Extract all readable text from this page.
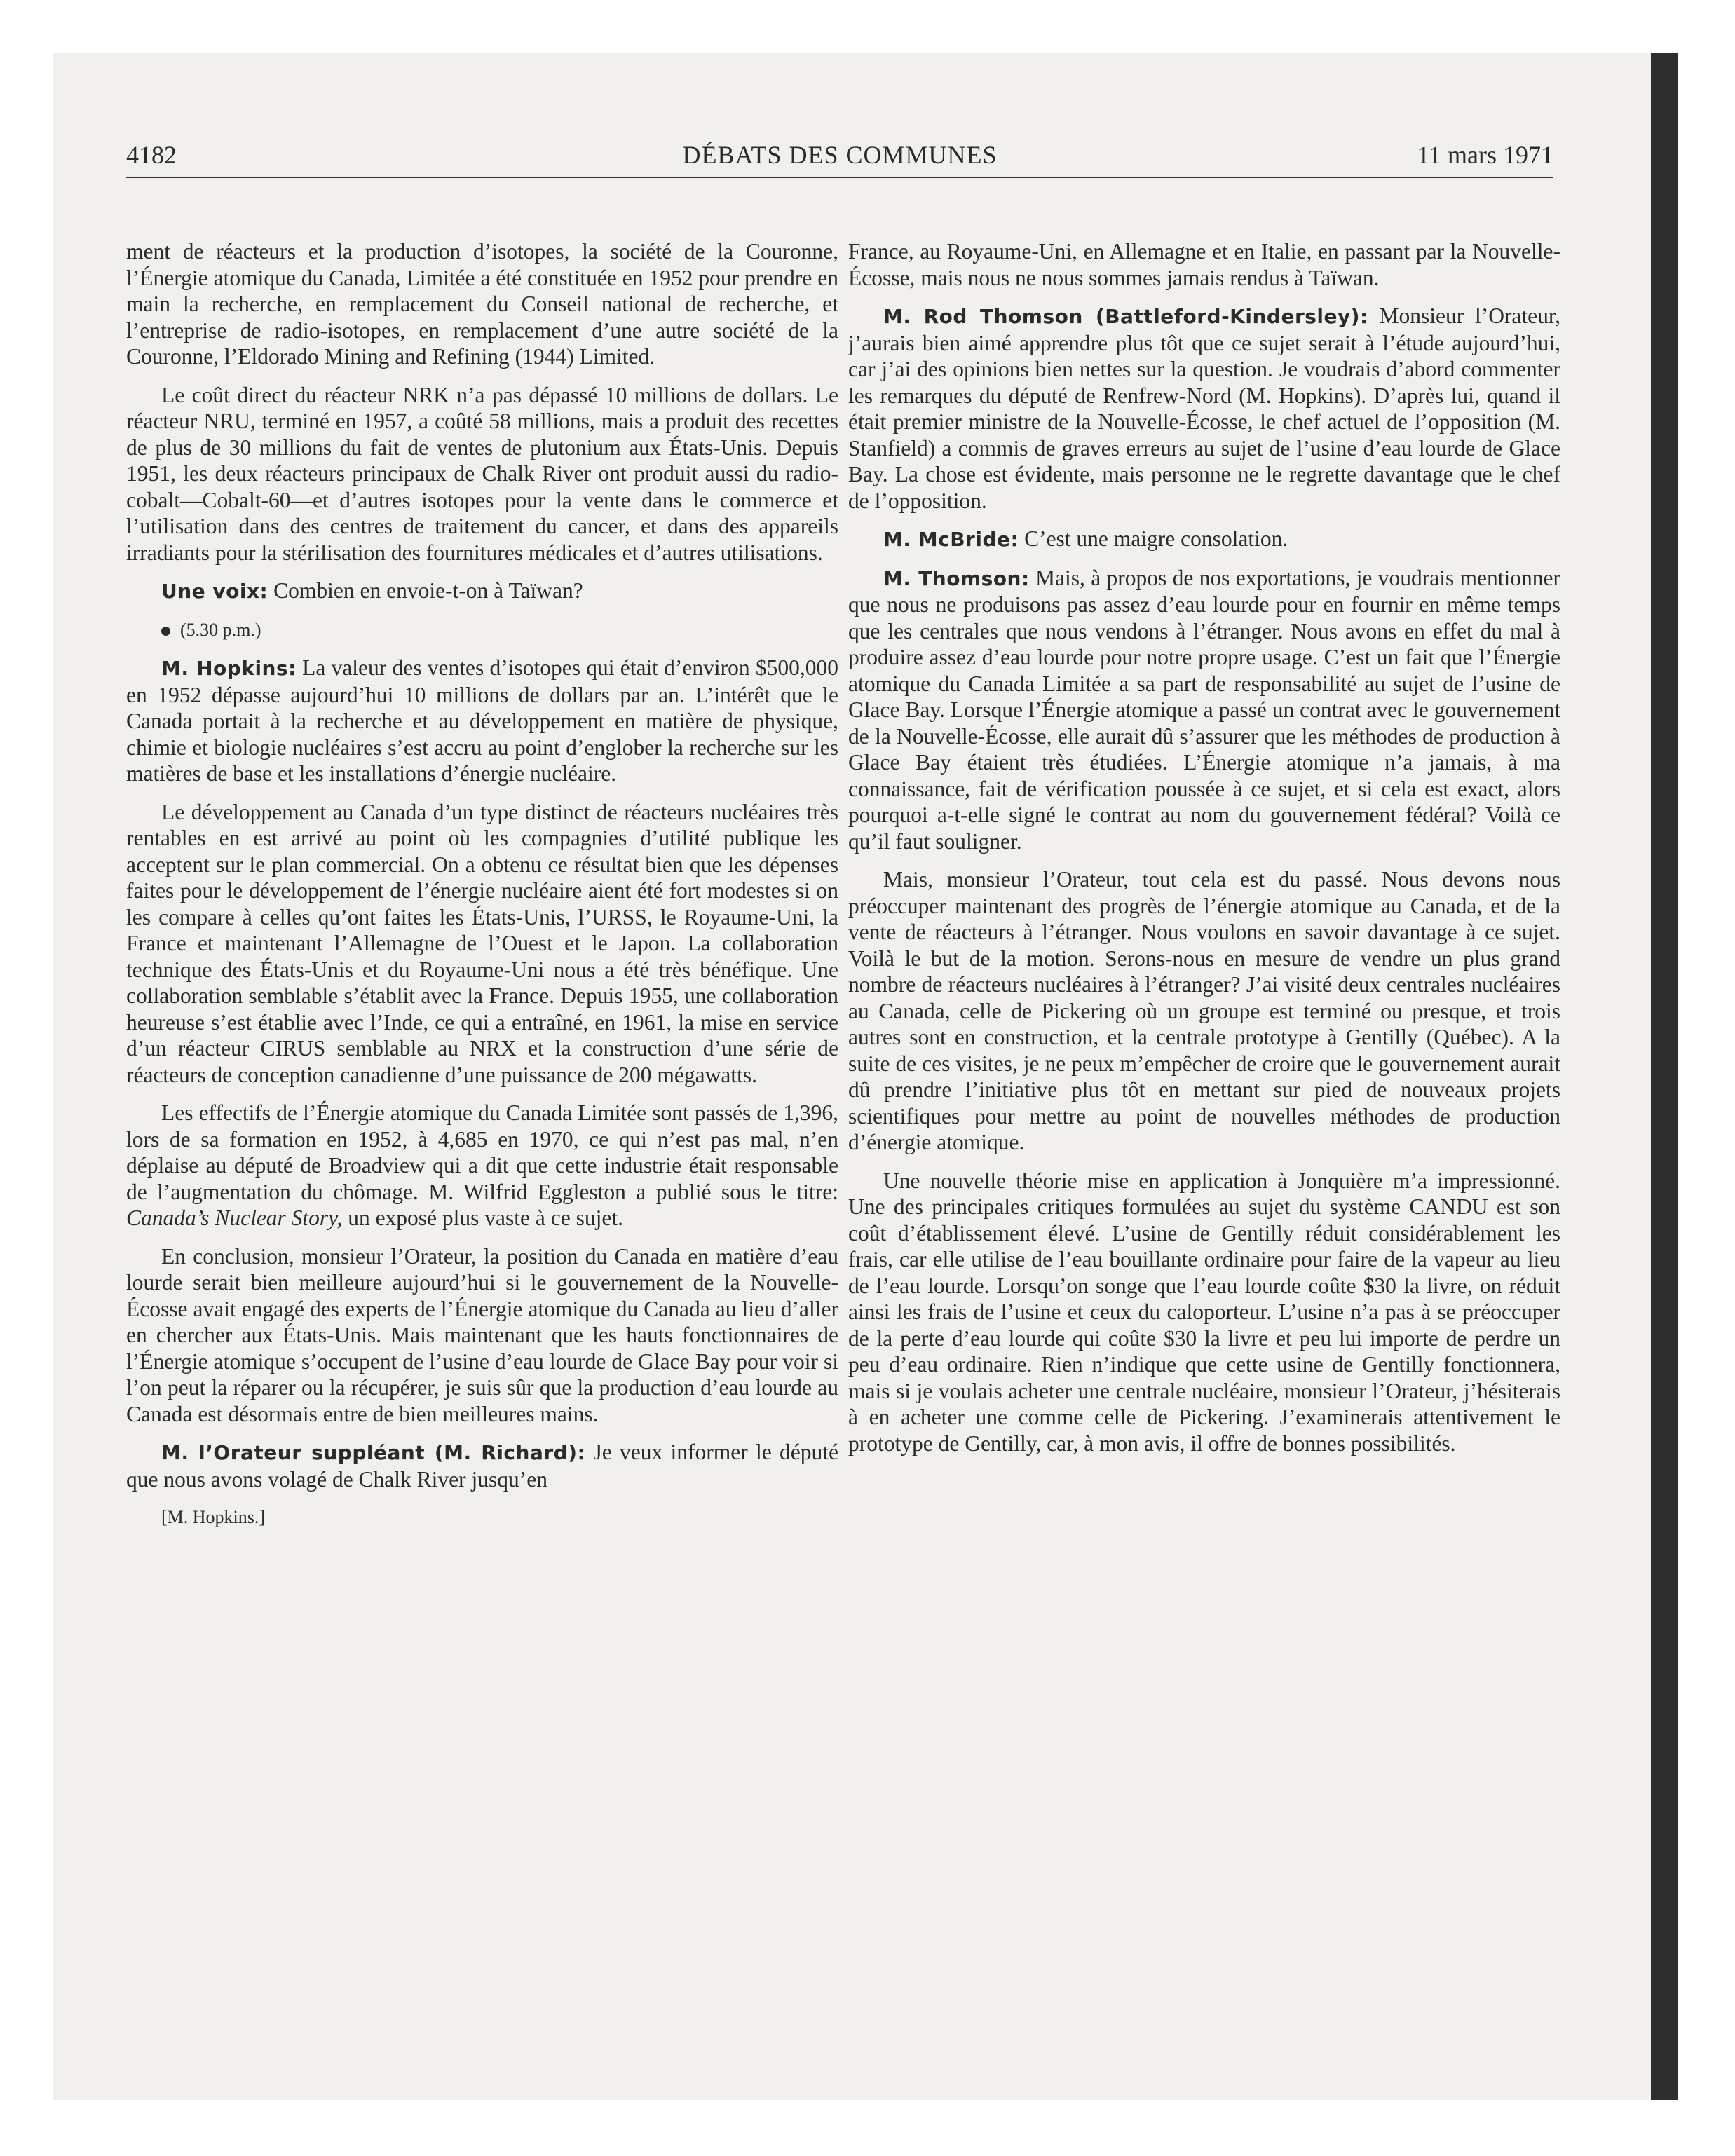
4182	DÉBATS DES COMMUNES	11 mars 1971

ment de réacteurs et la production d’isotopes, la société de la Couronne, l’Énergie atomique du Canada, Limitée a été constituée en 1952 pour prendre en main la recherche, en remplacement du Conseil national de recherche, et l’entreprise de radio-isotopes, en remplacement d’une autre société de la Couronne, l’Eldorado Mining and Refining (1944) Limited.

Le coût direct du réacteur NRK n’a pas dépassé 10 millions de dollars. Le réacteur NRU, terminé en 1957, a coûté 58 millions, mais a produit des recettes de plus de 30 millions du fait de ventes de plutonium aux États-Unis. Depuis 1951, les deux réacteurs principaux de Chalk River ont produit aussi du radio-cobalt—Cobalt-60—et d’autres isotopes pour la vente dans le commerce et l’utilisation dans des centres de traitement du cancer, et dans des appareils irradiants pour la stérilisation des fournitures médicales et d’autres utilisations.

Une voix: Combien en envoie-t-on à Taïwan?

(5.30 p.m.)

M. Hopkins: La valeur des ventes d’isotopes qui était d’environ $500,000 en 1952 dépasse aujourd’hui 10 millions de dollars par an. L’intérêt que le Canada portait à la recherche et au développement en matière de physique, chimie et biologie nucléaires s’est accru au point d’englober la recherche sur les matières de base et les installations d’énergie nucléaire.

Le développement au Canada d’un type distinct de réacteurs nucléaires très rentables en est arrivé au point où les compagnies d’utilité publique les acceptent sur le plan commercial. On a obtenu ce résultat bien que les dépenses faites pour le développement de l’énergie nucléaire aient été fort modestes si on les compare à celles qu’ont faites les États-Unis, l’URSS, le Royaume-Uni, la France et maintenant l’Allemagne de l’Ouest et le Japon. La collaboration technique des États-Unis et du Royaume-Uni nous a été très bénéfique. Une collaboration semblable s’établit avec la France. Depuis 1955, une collaboration heureuse s’est établie avec l’Inde, ce qui a entraîné, en 1961, la mise en service d’un réacteur CIRUS semblable au NRX et la construction d’une série de réacteurs de conception canadienne d’une puissance de 200 mégawatts.

Les effectifs de l’Énergie atomique du Canada Limitée sont passés de 1,396, lors de sa formation en 1952, à 4,685 en 1970, ce qui n’est pas mal, n’en déplaise au député de Broadview qui a dit que cette industrie était responsable de l’augmentation du chômage. M. Wilfrid Eggleston a publié sous le titre: Canada’s Nuclear Story, un exposé plus vaste à ce sujet.

En conclusion, monsieur l’Orateur, la position du Canada en matière d’eau lourde serait bien meilleure aujourd’hui si le gouvernement de la Nouvelle-Écosse avait engagé des experts de l’Énergie atomique du Canada au lieu d’aller en chercher aux États-Unis. Mais maintenant que les hauts fonctionnaires de l’Énergie atomique s’occupent de l’usine d’eau lourde de Glace Bay pour voir si l’on peut la réparer ou la récupérer, je suis sûr que la production d’eau lourde au Canada est désormais entre de bien meilleures mains.

M. l’Orateur suppléant (M. Richard): Je veux informer le député que nous avons volagé de Chalk River jusqu’en

[M. Hopkins.]

France, au Royaume-Uni, en Allemagne et en Italie, en passant par la Nouvelle-Écosse, mais nous ne nous sommes jamais rendus à Taïwan.

M. Rod Thomson (Battleford-Kindersley): Monsieur l’Orateur, j’aurais bien aimé apprendre plus tôt que ce sujet serait à l’étude aujourd’hui, car j’ai des opinions bien nettes sur la question. Je voudrais d’abord commenter les remarques du député de Renfrew-Nord (M. Hopkins). D’après lui, quand il était premier ministre de la Nouvelle-Écosse, le chef actuel de l’opposition (M. Stanfield) a commis de graves erreurs au sujet de l’usine d’eau lourde de Glace Bay. La chose est évidente, mais personne ne le regrette davantage que le chef de l’opposition.

M. McBride: C’est une maigre consolation.

M. Thomson: Mais, à propos de nos exportations, je voudrais mentionner que nous ne produisons pas assez d’eau lourde pour en fournir en même temps que les centrales que nous vendons à l’étranger. Nous avons en effet du mal à produire assez d’eau lourde pour notre propre usage. C’est un fait que l’Énergie atomique du Canada Limitée a sa part de responsabilité au sujet de l’usine de Glace Bay. Lorsque l’Énergie atomique a passé un contrat avec le gouvernement de la Nouvelle-Écosse, elle aurait dû s’assurer que les méthodes de production à Glace Bay étaient très étudiées. L’Énergie atomique n’a jamais, à ma connaissance, fait de vérification poussée à ce sujet, et si cela est exact, alors pourquoi a-t-elle signé le contrat au nom du gouvernement fédéral? Voilà ce qu’il faut souligner.

Mais, monsieur l’Orateur, tout cela est du passé. Nous devons nous préoccuper maintenant des progrès de l’énergie atomique au Canada, et de la vente de réacteurs à l’étranger. Nous voulons en savoir davantage à ce sujet. Voilà le but de la motion. Serons-nous en mesure de vendre un plus grand nombre de réacteurs nucléaires à l’étranger? J’ai visité deux centrales nucléaires au Canada, celle de Pickering où un groupe est terminé ou presque, et trois autres sont en construction, et la centrale prototype à Gentilly (Québec). A la suite de ces visites, je ne peux m’empêcher de croire que le gouvernement aurait dû prendre l’initiative plus tôt en mettant sur pied de nouveaux projets scientifiques pour mettre au point de nouvelles méthodes de production d’énergie atomique.

Une nouvelle théorie mise en application à Jonquière m’a impressionné. Une des principales critiques formulées au sujet du système CANDU est son coût d’établissement élevé. L’usine de Gentilly réduit considérablement les frais, car elle utilise de l’eau bouillante ordinaire pour faire de la vapeur au lieu de l’eau lourde. Lorsqu’on songe que l’eau lourde coûte $30 la livre, on réduit ainsi les frais de l’usine et ceux du caloporteur. L’usine n’a pas à se préoccuper de la perte d’eau lourde qui coûte $30 la livre et peu lui importe de perdre un peu d’eau ordinaire. Rien n’indique que cette usine de Gentilly fonctionnera, mais si je voulais acheter une centrale nucléaire, monsieur l’Orateur, j’hésiterais à en acheter une comme celle de Pickering. J’examinerais attentivement le prototype de Gentilly, car, à mon avis, il offre de bonnes possibilités.
